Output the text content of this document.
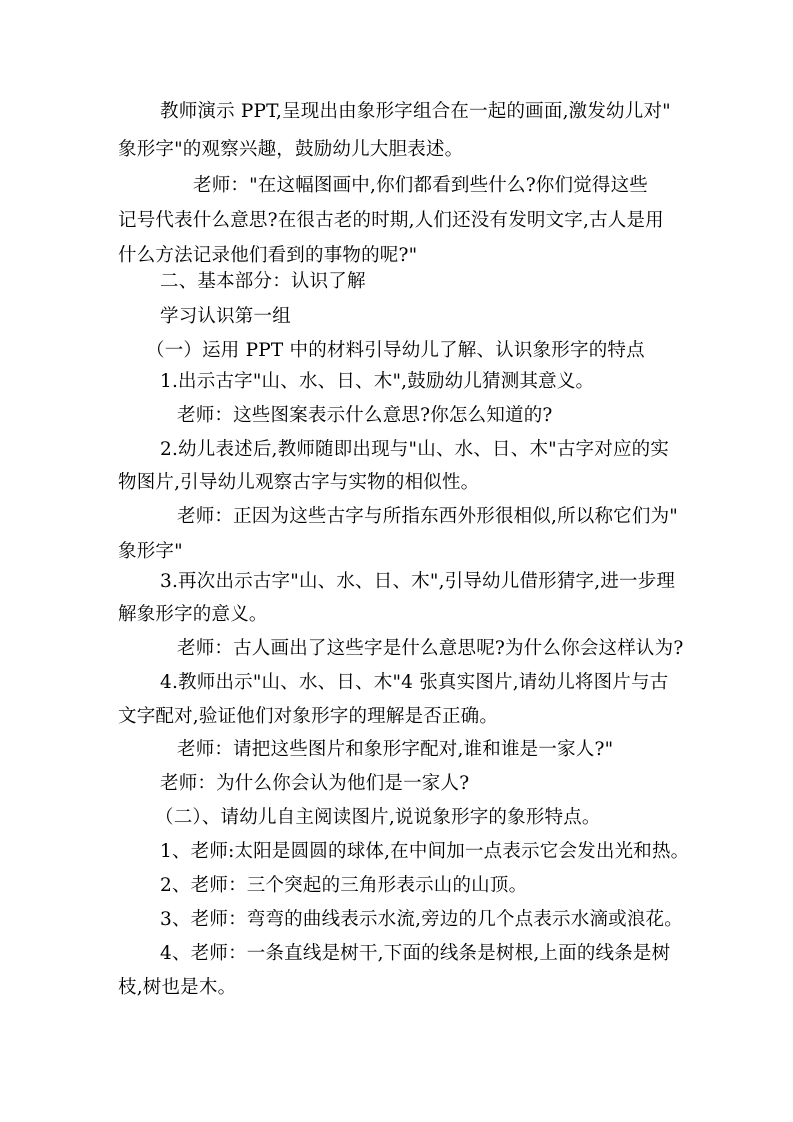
教师演示 PPT,呈现出由象形字组合在一起的画面,激发幼儿对"
象形字"的观察兴趣，鼓励幼儿大胆表述。
老师："在这幅图画中,你们都看到些什么?你们觉得这些
记号代表什么意思?在很古老的时期,人们还没有发明文字,古人是用
什么方法记录他们看到的事物的呢?"
二、基本部分：认识了解
学习认识第一组
（一）运用 PPT 中的材料引导幼儿了解、认识象形字的特点
1.出示古字"山、水、日、木",鼓励幼儿猜测其意义。
老师：这些图案表示什么意思?你怎么知道的?
2.幼儿表述后,教师随即出现与"山、水、日、木"古字对应的实
物图片,引导幼儿观察古字与实物的相似性。
老师：正因为这些古字与所指东西外形很相似,所以称它们为"
象形字"
3.再次出示古字"山、水、日、木",引导幼儿借形猜字,进一步理
解象形字的意义。
老师：古人画出了这些字是什么意思呢?为什么你会这样认为?
4.教师出示"山、水、日、木"4 张真实图片,请幼儿将图片与古
文字配对,验证他们对象形字的理解是否正确。
老师：请把这些图片和象形字配对,谁和谁是一家人?"
老师：为什么你会认为他们是一家人?
（二）、请幼儿自主阅读图片,说说象形字的象形特点。
1、老师:太阳是圆圆的球体,在中间加一点表示它会发出光和热。
2、老师：三个突起的三角形表示山的山顶。
3、老师：弯弯的曲线表示水流,旁边的几个点表示水滴或浪花。
4、老师：一条直线是树干,下面的线条是树根,上面的线条是树
枝,树也是木。
